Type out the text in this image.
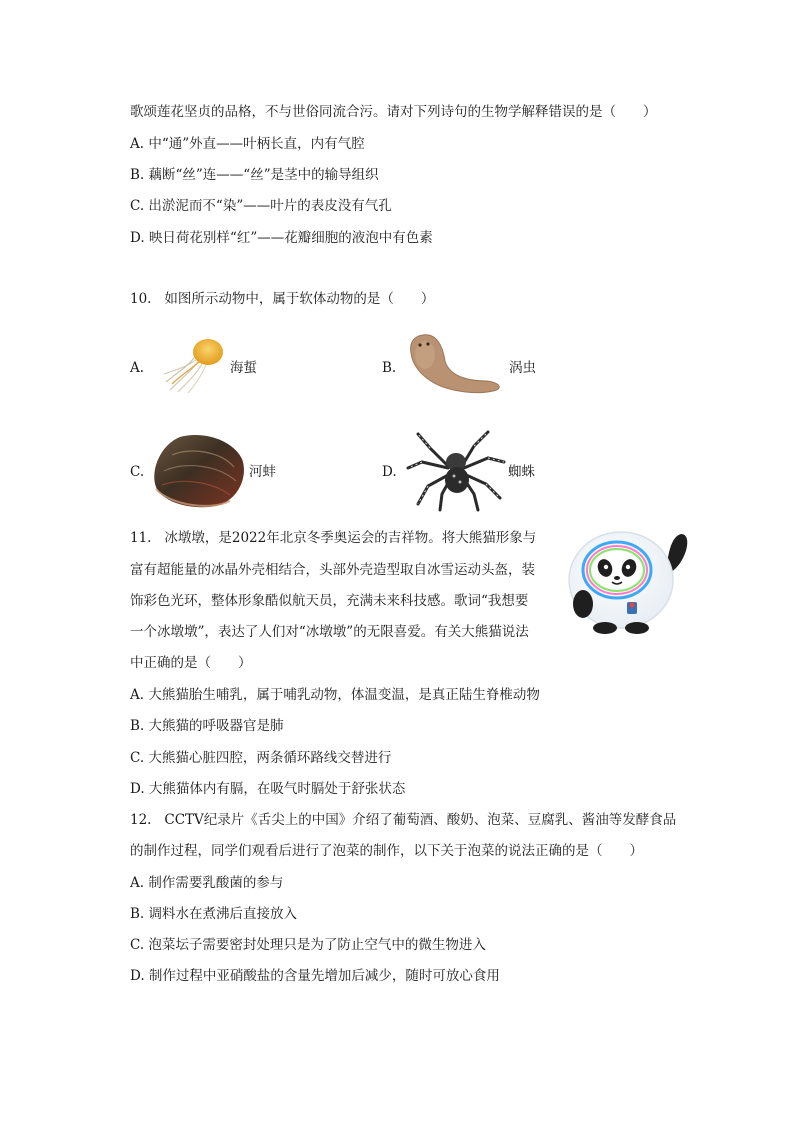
歌颂莲花坚贞的品格，不与世俗同流合污。请对下列诗句的生物学解释错误的是（　　）
A. 中“通”外直——叶柄长直，内有气腔
B. 藕断“丝”连——“丝”是茎中的输导组织
C. 出淤泥而不“染”——叶片的表皮没有气孔
D. 映日荷花别样“红”——花瓣细胞的液泡中有色素
10. 如图所示动物中，属于软体动物的是（　　）
A.	海蜇	B.	涡虫
C.	河蚌	D.	蜘蛛
11. 冰墩墩，是2022年北京冬季奥运会的吉祥物。将大熊猫形象与
富有超能量的冰晶外壳相结合，头部外壳造型取自冰雪运动头盔，装
饰彩色光环，整体形象酷似航天员，充满未来科技感。歌词“我想要
一个冰墩墩”，表达了人们对“冰墩墩”的无限喜爱。有关大熊猫说法
中正确的是（　　）
A. 大熊猫胎生哺乳，属于哺乳动物，体温变温，是真正陆生脊椎动物
B. 大熊猫的呼吸器官是肺
C. 大熊猫心脏四腔，两条循环路线交替进行
D. 大熊猫体内有膈，在吸气时膈处于舒张状态
12. CCTV纪录片《舌尖上的中国》介绍了葡萄酒、酸奶、泡菜、豆腐乳、酱油等发酵食品
的制作过程，同学们观看后进行了泡菜的制作，以下关于泡菜的说法正确的是（　　）
A. 制作需要乳酸菌的参与
B. 调料水在煮沸后直接放入
C. 泡菜坛子需要密封处理只是为了防止空气中的微生物进入
D. 制作过程中亚硝酸盐的含量先增加后减少，随时可放心食用
